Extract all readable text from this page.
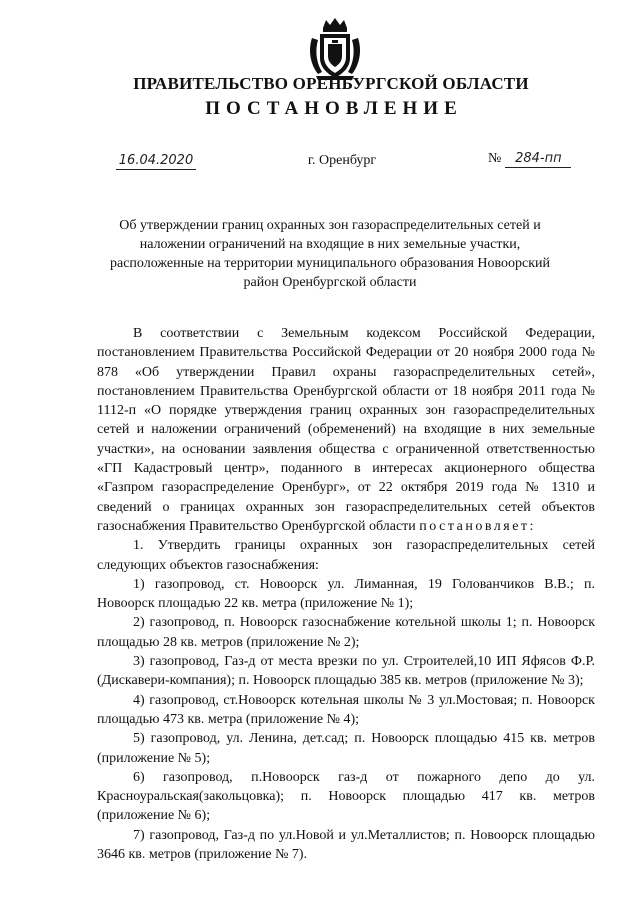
ПРАВИТЕЛЬСТВО ОРЕНБУРГСКОЙ ОБЛАСТИ
ПОСТАНОВЛЕНИЕ
16.04.2020	г. Оренбург	№ 284-пп
Об утверждении границ охранных зон газораспределительных сетей и наложении ограничений на входящие в них земельные участки, расположенные на территории муниципального образования Новоорский район Оренбургской области

В соответствии с Земельным кодексом Российской Федерации, постановлением Правительства Российской Федерации от 20 ноября 2000 года № 878 «Об утверждении Правил охраны газораспределительных сетей», постановлением Правительства Оренбургской области от 18 ноября 2011 года № 1112-п «О порядке утверждения границ охранных зон газораспределительных сетей и наложении ограничений (обременений) на входящие в них земельные участки», на основании заявления общества с ограниченной ответственностью «ГП Кадастровый центр», поданного в интересах акционерного общества «Газпром газораспределение Оренбург», от 22 октября 2019 года № 1310 и сведений о границах охранных зон газораспределительных сетей объектов газоснабжения Правительство Оренбургской области постановляет:

1. Утвердить границы охранных зон газораспределительных сетей следующих объектов газоснабжения:

1) газопровод, ст. Новоорск ул. Лиманная, 19 Голованчиков В.В.; п. Новоорск площадью 22 кв. метра (приложение № 1);

2) газопровод, п. Новоорск газоснабжение котельной школы 1; п. Новоорск площадью 28 кв. метров (приложение № 2);

3) газопровод, Газ-д от места врезки по ул. Строителей,10 ИП Яфясов Ф.Р. (Дискавери-компания); п. Новоорск площадью 385 кв. метров (приложение № 3);

4) газопровод, ст.Новоорск котельная школы № 3 ул.Мостовая; п. Новоорск площадью 473 кв. метра (приложение № 4);

5) газопровод, ул. Ленина, дет.сад; п. Новоорск площадью 415 кв. метров (приложение № 5);

6) газопровод, п.Новоорск газ-д от пожарного депо до ул. Красноуральская(закольцовка); п. Новоорск площадью 417 кв. метров (приложение № 6);

7) газопровод, Газ-д по ул.Новой и ул.Металлистов; п. Новоорск площадью 3646 кв. метров (приложение № 7).
